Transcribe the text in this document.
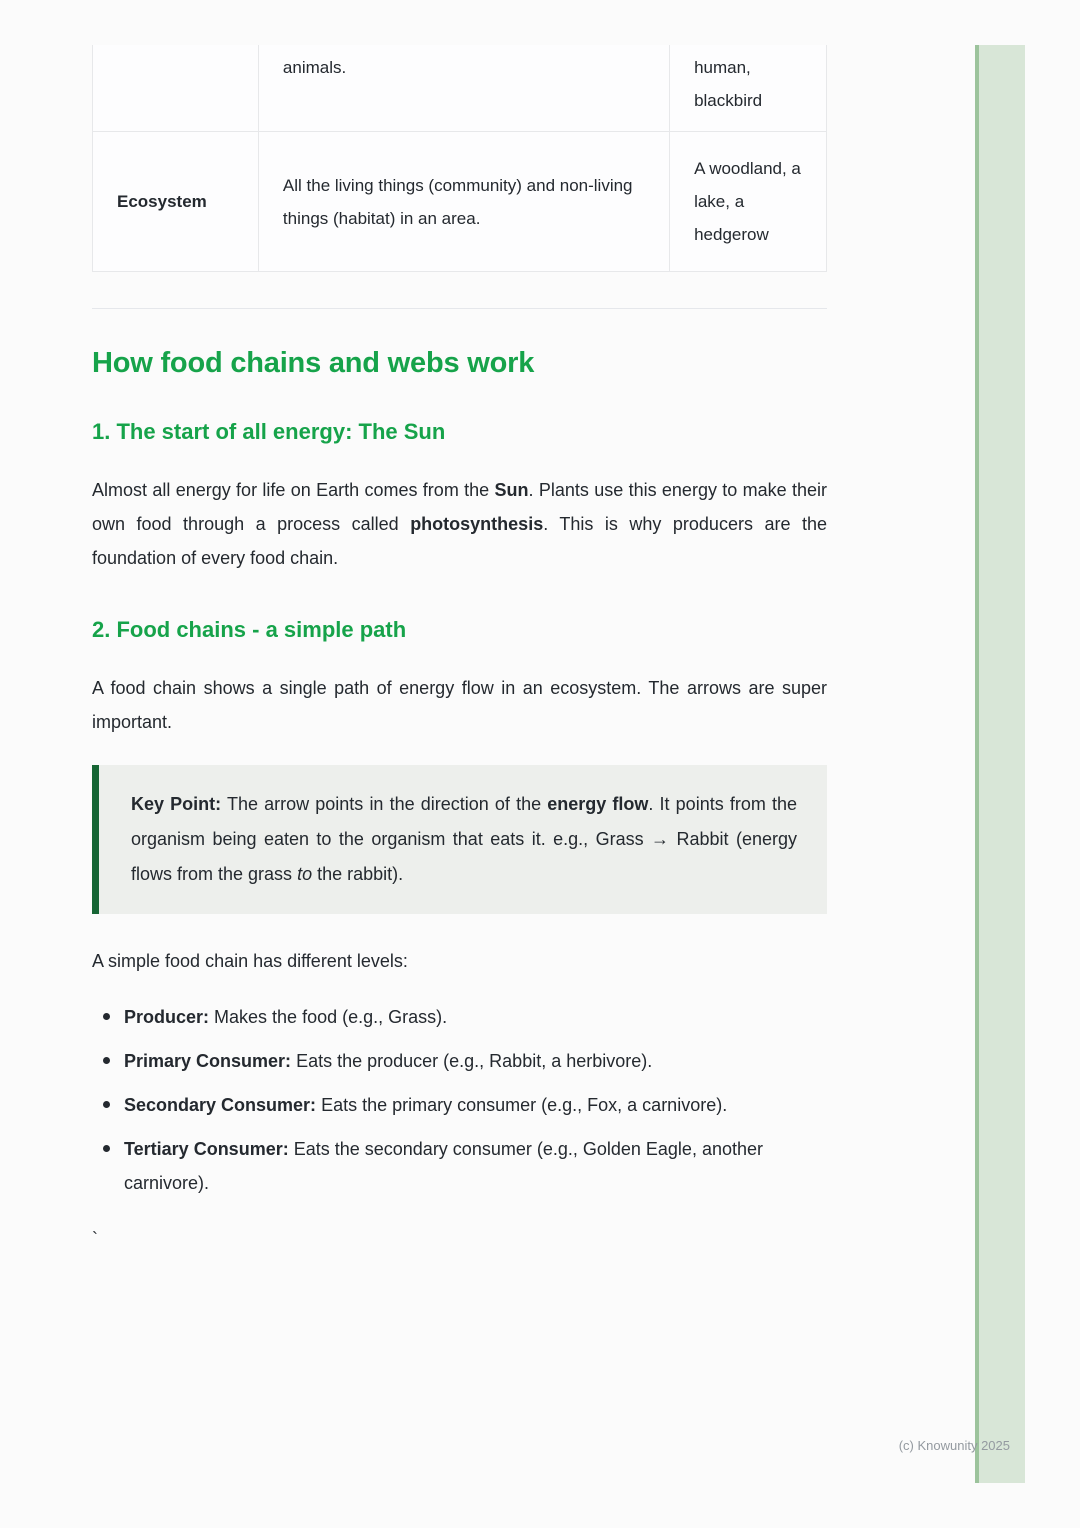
	animals.	human, blackbird
Ecosystem	All the living things (community) and non-living things (habitat) in an area.	A woodland, a lake, a hedgerow
How food chains and webs work
1. The start of all energy: The Sun

Almost all energy for life on Earth comes from the Sun. Plants use this energy to make their own food through a process called photosynthesis. This is why producers are the foundation of every food chain.

2. Food chains - a simple path

A food chain shows a single path of energy flow in an ecosystem. The arrows are super important.

Key Point: The arrow points in the direction of the energy flow. It points from the organism being eaten to the organism that eats it. e.g., Grass → Rabbit (energy flows from the grass to the rabbit).

A simple food chain has different levels:

Producer: Makes the food (e.g., Grass).
Primary Consumer: Eats the producer (e.g., Rabbit, a herbivore).
Secondary Consumer: Eats the primary consumer (e.g., Fox, a carnivore).
Tertiary Consumer: Eats the secondary consumer (e.g., Golden Eagle, another carnivore).

`

(c) Knowunity 2025
